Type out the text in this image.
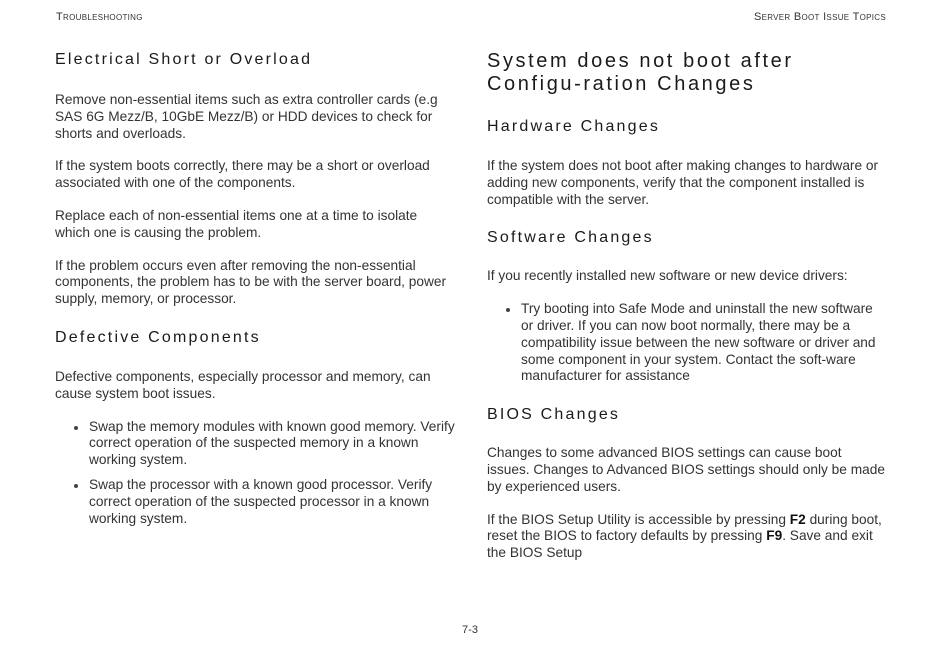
Troubleshooting	Server Boot Issue Topics
Electrical Short or Overload

Remove non-essential items such as extra controller cards (e.g SAS 6G Mezz/B, 10GbE Mezz/B) or HDD devices to check for shorts and overloads.

If the system boots correctly, there may be a short or overload associated with one of the components.

Replace each of non-essential items one at a time to isolate which one is causing the problem.

If the problem occurs even after removing the non-essential components, the problem has to be with the server board, power supply, memory, or processor.

Defective Components

Defective components, especially processor and memory, can cause system boot issues.

Swap the memory modules with known good memory. Verify correct operation of the suspected memory in a known working system.
Swap the processor with a known good processor. Verify correct operation of the suspected processor in a known working system.
System does not boot after Configu-ration Changes
Hardware Changes

If the system does not boot after making changes to hardware or adding new components, verify that the component installed is compatible with the server.

Software Changes

If you recently installed new software or new device drivers:

Try booting into Safe Mode and uninstall the new software or driver. If you can now boot normally, there may be a compatibility issue between the new software or driver and some component in your system. Contact the soft-ware manufacturer for assistance
BIOS Changes

Changes to some advanced BIOS settings can cause boot issues. Changes to Advanced BIOS settings should only be made by experienced users.

If the BIOS Setup Utility is accessible by pressing F2 during boot, reset the BIOS to factory defaults by pressing F9. Save and exit the BIOS Setup

7-3
